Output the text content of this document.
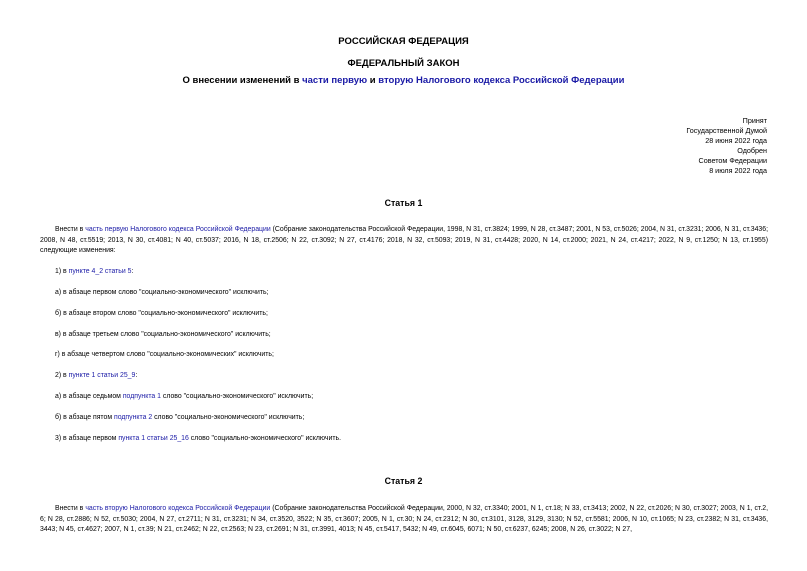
РОССИЙСКАЯ ФЕДЕРАЦИЯ
ФЕДЕРАЛЬНЫЙ ЗАКОН
О внесении изменений в части первую и вторую Налогового кодекса Российской Федерации
Принят
Государственной Думой
28 июня 2022 года
Одобрен
Советом Федерации
8 июля 2022 года
Статья 1
Внести в часть первую Налогового кодекса Российской Федерации (Собрание законодательства Российской Федерации, 1998, N 31, ст.3824; 1999, N 28, ст.3487; 2001, N 53, ст.5026; 2004, N 31, ст.3231; 2006, N 31, ст.3436; 2008, N 48, ст.5519; 2013, N 30, ст.4081; N 40, ст.5037; 2016, N 18, ст.2506; N 22, ст.3092; N 27, ст.4176; 2018, N 32, ст.5093; 2019, N 31, ст.4428; 2020, N 14, ст.2000; 2021, N 24, ст.4217; 2022, N 9, ст.1250; N 13, ст.1955) следующие изменения:
1) в пункте 4_2 статьи 5:
а) в абзаце первом слово "социально-экономического" исключить;
б) в абзаце втором слово "социально-экономического" исключить;
в) в абзаце третьем слово "социально-экономического" исключить;
г) в абзаце четвертом слово "социально-экономических" исключить;
2) в пункте 1 статьи 25_9:
а) в абзаце седьмом подпункта 1 слово "социально-экономического" исключить;
б) в абзаце пятом подпункта 2 слово "социально-экономического" исключить;
3) в абзаце первом пункта 1 статьи 25_16 слово "социально-экономического" исключить.
Статья 2
Внести в часть вторую Налогового кодекса Российской Федерации (Собрание законодательства Российской Федерации, 2000, N 32, ст.3340; 2001, N 1, ст.18; N 33, ст.3413; 2002, N 22, ст.2026; N 30, ст.3027; 2003, N 1, ст.2, 6; N 28, ст.2886; N 52, ст.5030; 2004, N 27, ст.2711; N 31, ст.3231; N 34, ст.3520, 3522; N 35, ст.3607; 2005, N 1, ст.30; N 24, ст.2312; N 30, ст.3101, 3128, 3129, 3130; N 52, ст.5581; 2006, N 10, ст.1065; N 23, ст.2382; N 31, ст.3436, 3443; N 45, ст.4627; 2007, N 1, ст.39; N 21, ст.2462; N 22, ст.2563; N 23, ст.2691; N 31, ст.3991, 4013; N 45, ст.5417, 5432; N 49, ст.6045, 6071; N 50, ст.6237, 6245; 2008, N 26, ст.3022; N 27,
